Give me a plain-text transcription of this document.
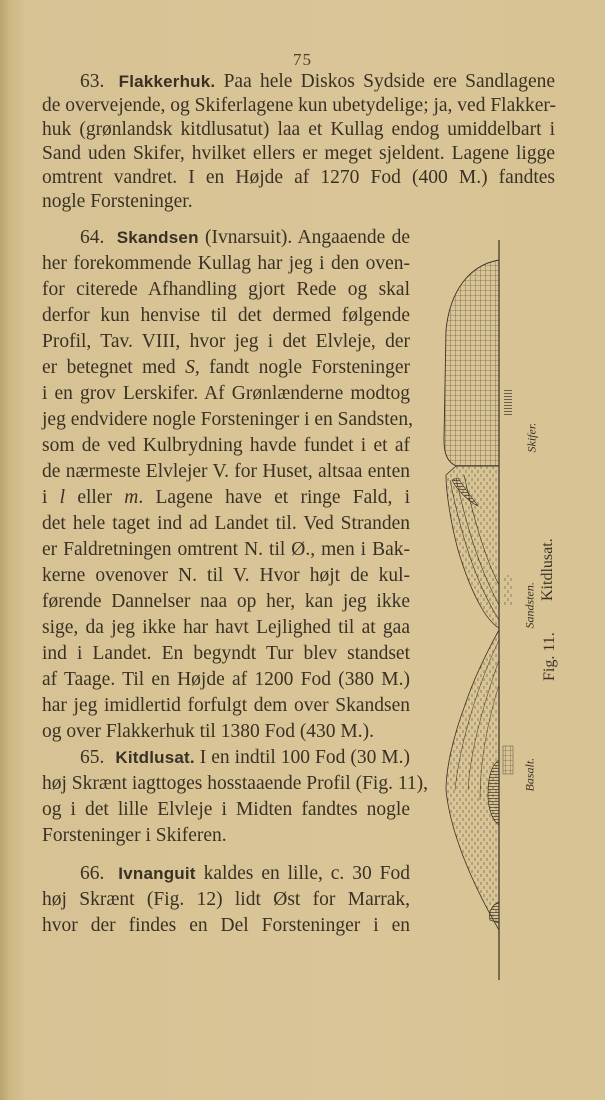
75
63. Flakkerhuk. Paa hele Diskos Sydside ere Sandlagene
de overvejende, og Skiferlagene kun ubetydelige; ja, ved Flakker-
huk (grønlandsk kitdlusatut) laa et Kullag endog umiddelbart i
Sand uden Skifer, hvilket ellers er meget sjeldent. Lagene ligge
omtrent vandret. I en Højde af 1270 Fod (400 M.) fandtes
nogle Forsteninger.
64. Skandsen (Ivnarsuit). Angaaende de
her forekommende Kullag har jeg i den oven-
for citerede Afhandling gjort Rede og skal
derfor kun henvise til det dermed følgende
Profil, Tav. VIII, hvor jeg i det Elvleje, der
er betegnet med S, fandt nogle Forsteninger
i en grov Lerskifer. Af Grønlænderne modtog
jeg endvidere nogle Forsteninger i en Sandsten,
som de ved Kulbrydning havde fundet i et af
de nærmeste Elvlejer V. for Huset, altsaa enten
i l eller m. Lagene have et ringe Fald, i
det hele taget ind ad Landet til. Ved Stranden
er Faldretningen omtrent N. til Ø., men i Bak-
kerne ovenover N. til V. Hvor højt de kul-
førende Dannelser naa op her, kan jeg ikke
sige, da jeg ikke har havt Lejlighed til at gaa
ind i Landet. En begyndt Tur blev standset
af Taage. Til en Højde af 1200 Fod (380 M.)
har jeg imidlertid forfulgt dem over Skandsen
og over Flakkerhuk til 1380 Fod (430 M.).
65. Kitdlusat. I en indtil 100 Fod (30 M.)
høj Skrænt iagttoges hosstaaende Profil (Fig. 11),
og i det lille Elvleje i Midten fandtes nogle
Forsteninger i Skiferen.
66. Ivnanguit kaldes en lille, c. 30 Fod
høj Skrænt (Fig. 12) lidt Øst for Marrak,
hvor der findes en Del Forsteninger i en
Skifer.
Sandsten.
Basalt.
Kitdlusat.
Fig. 11.
